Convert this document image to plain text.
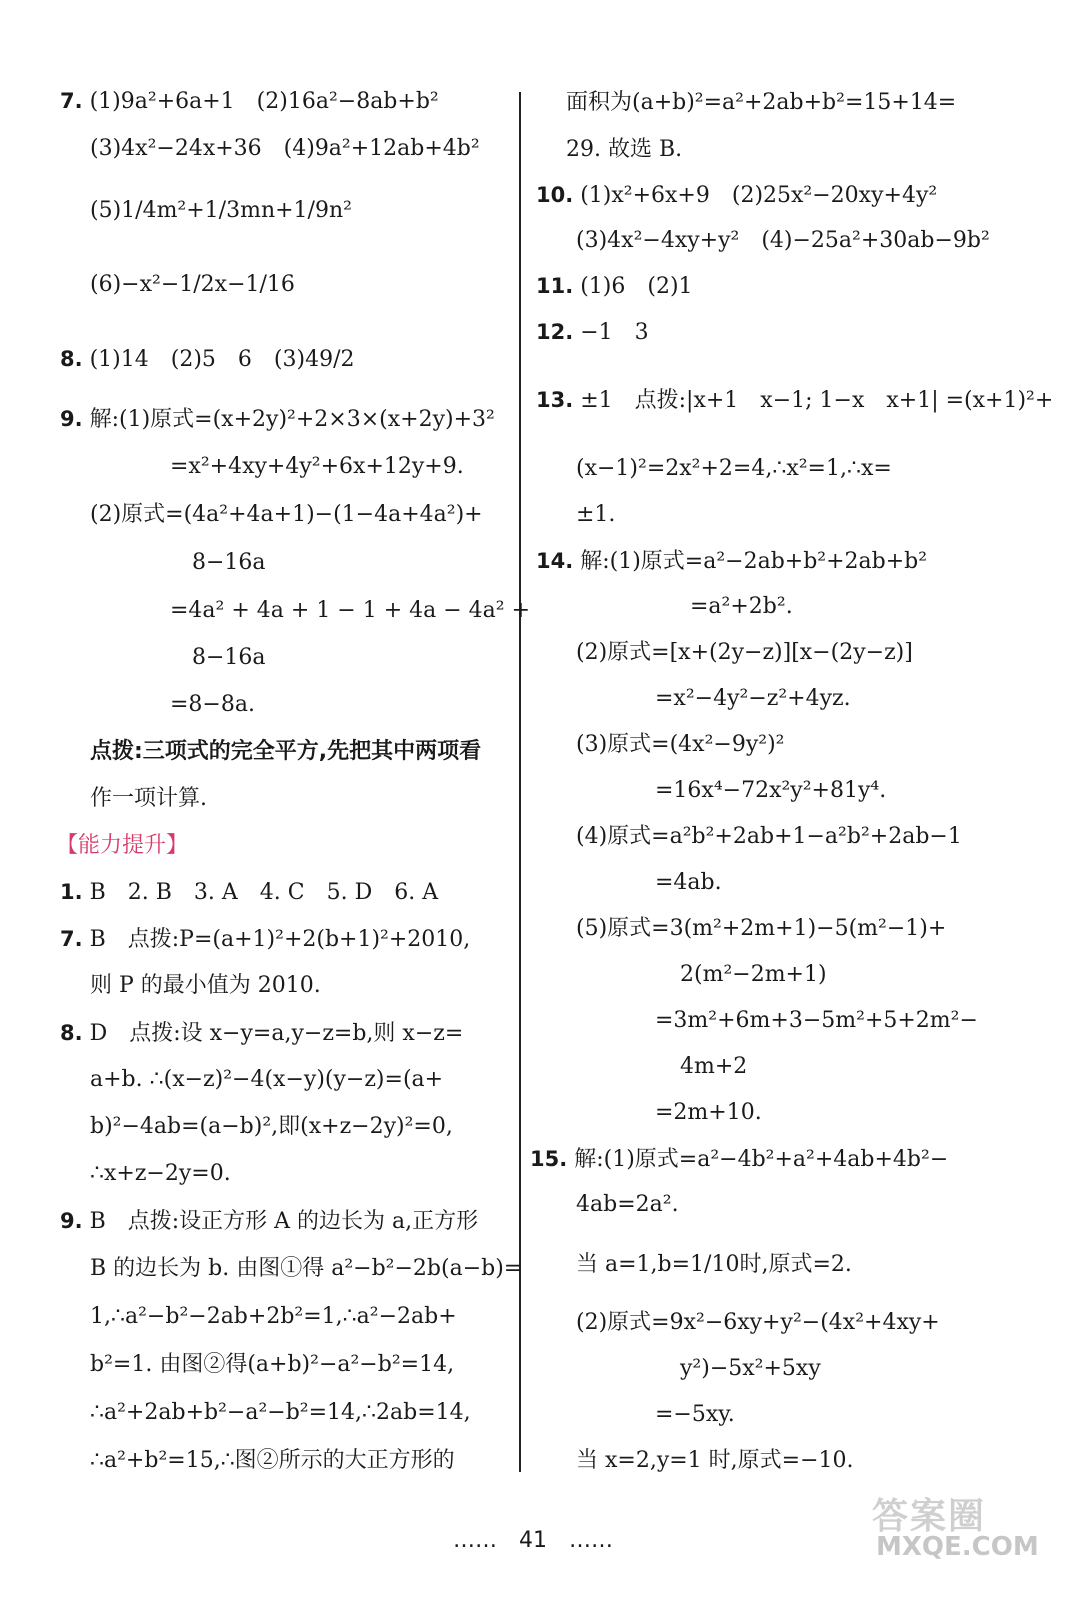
7. (1)9a²+6a+1　(2)16a²−8ab+b²
(3)4x²−24x+36　(4)9a²+12ab+4b²
(5)1/4m²+1/3mn+1/9n²
(6)−x²−1/2x−1/16
8. (1)14　(2)5　6　(3)49/2
9. 解:(1)原式=(x+2y)²+2×3×(x+2y)+3²
=x²+4xy+4y²+6x+12y+9.
(2)原式=(4a²+4a+1)−(1−4a+4a²)+
8−16a
=4a² + 4a + 1 − 1 + 4a − 4a² +
8−16a
=8−8a.
点拨:三项式的完全平方,先把其中两项看
作一项计算.
【能力提升】
1. B　2. B　3. A　4. C　5. D　6. A
7. B　点拨:P=(a+1)²+2(b+1)²+2010,
则 P 的最小值为 2010.
8. D　点拨:设 x−y=a,y−z=b,则 x−z=
a+b. ∴(x−z)²−4(x−y)(y−z)=(a+
b)²−4ab=(a−b)²,即(x+z−2y)²=0,
∴x+z−2y=0.
9. B　点拨:设正方形 A 的边长为 a,正方形
B 的边长为 b. 由图①得 a²−b²−2b(a−b)=
1,∴a²−b²−2ab+2b²=1,∴a²−2ab+
b²=1. 由图②得(a+b)²−a²−b²=14,
∴a²+2ab+b²−a²−b²=14,∴2ab=14,
∴a²+b²=15,∴图②所示的大正方形的
面积为(a+b)²=a²+2ab+b²=15+14=
29. 故选 B.
10. (1)x²+6x+9　(2)25x²−20xy+4y²
(3)4x²−4xy+y²　(4)−25a²+30ab−9b²
11. (1)6　(2)1
12. −1　3
13. ±1　点拨:|x+1　x−1; 1−x　x+1| =(x+1)²+
(x−1)²=2x²+2=4,∴x²=1,∴x=
±1.
14. 解:(1)原式=a²−2ab+b²+2ab+b²
=a²+2b².
(2)原式=[x+(2y−z)][x−(2y−z)]
=x²−4y²−z²+4yz.
(3)原式=(4x²−9y²)²
=16x⁴−72x²y²+81y⁴.
(4)原式=a²b²+2ab+1−a²b²+2ab−1
=4ab.
(5)原式=3(m²+2m+1)−5(m²−1)+
2(m²−2m+1)
=3m²+6m+3−5m²+5+2m²−
4m+2
=2m+10.
15. 解:(1)原式=a²−4b²+a²+4ab+4b²−
4ab=2a².
当 a=1,b=1/10时,原式=2.
(2)原式=9x²−6xy+y²−(4x²+4xy+
y²)−5x²+5xy
=−5xy.
当 x=2,y=1 时,原式=−10.
……　41　……
答案圈
MXQE.COM
